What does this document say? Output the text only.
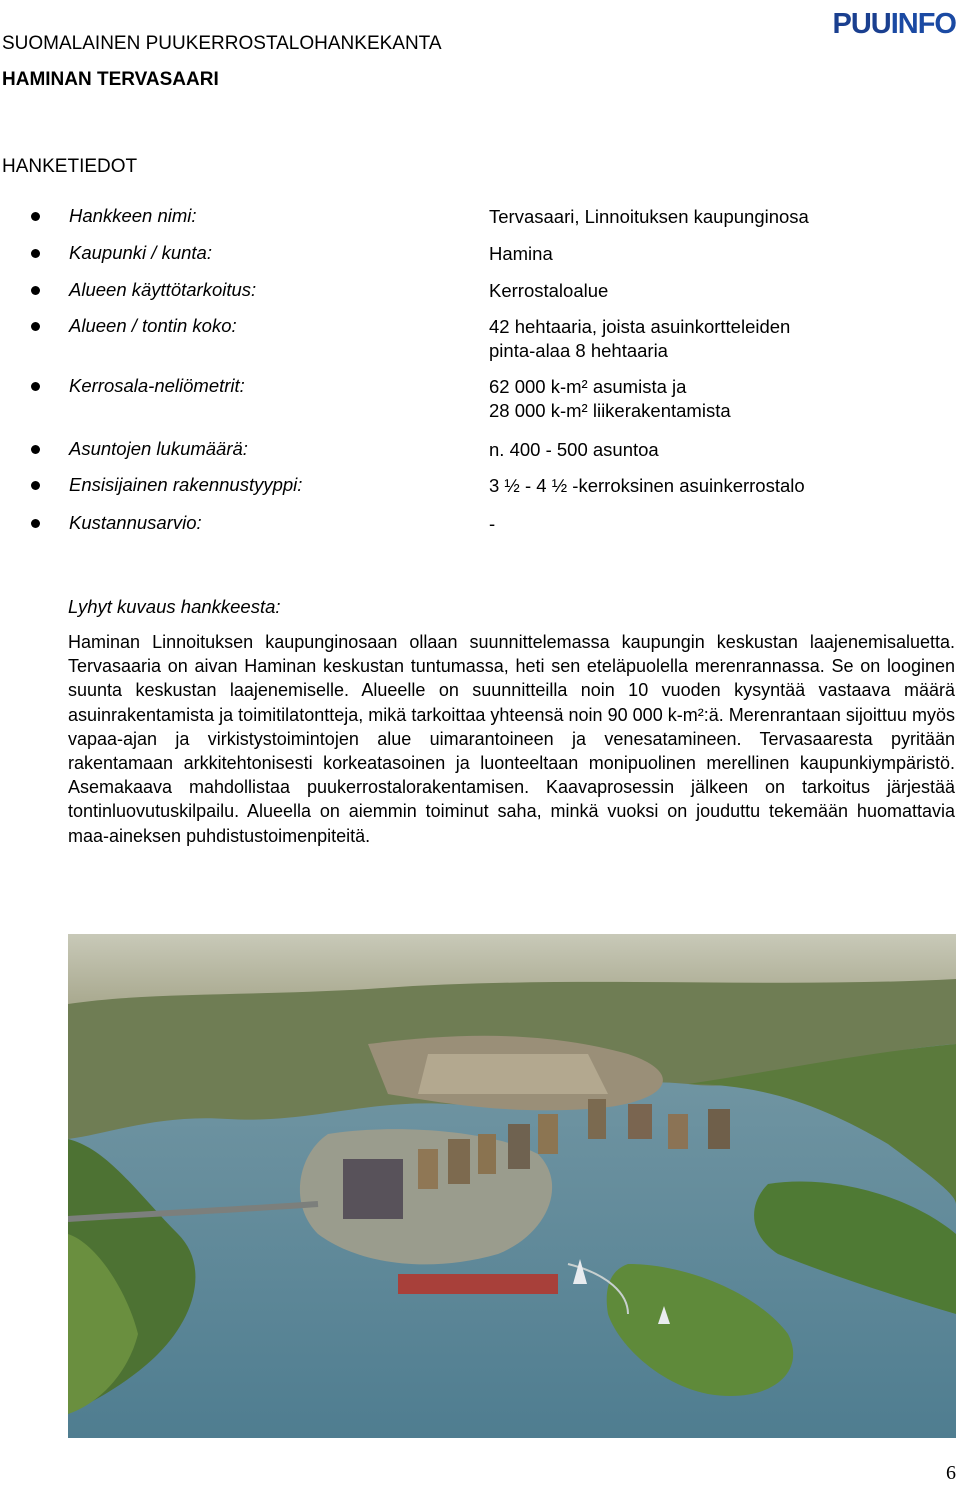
SUOMALAINEN PUUKERROSTALOHANKEKANTA
HAMINAN TERVASAARI
PUUINFO
HANKETIEDOT
Hankkeen nimi:	Tervasaari, Linnoituksen kaupunginosa
Kaupunki / kunta:	Hamina
Alueen käyttötarkoitus:	Kerrostaloalue
Alueen / tontin koko:	42 hehtaaria, joista asuinkortteleiden
pinta-alaa 8 hehtaaria
Kerrosala-neliömetrit:	62 000 k-m² asumista ja
28 000 k-m² liikerakentamista
Asuntojen lukumäärä:	n. 400 - 500 asuntoa
Ensisijainen rakennustyyppi:	3 ½ - 4 ½ -kerroksinen asuinkerrostalo
Kustannusarvio:	-
Lyhyt kuvaus hankkeesta:
Haminan Linnoituksen kaupunginosaan ollaan suunnittelemassa kaupungin keskustan laajenemisaluetta. Tervasaaria on aivan Haminan keskustan tuntumassa, heti sen eteläpuolella merenrannassa. Se on looginen suunta keskustan laajenemiselle. Alueelle on suunnitteilla noin 10 vuoden kysyntää vastaava määrä asuinrakentamista ja toimitilatontteja, mikä tarkoittaa yhteensä noin 90 000 k-m²:ä. Merenrantaan sijoittuu myös vapaa-ajan ja virkistystoimintojen alue uimarantoineen ja venesatamineen. Tervasaaresta pyritään rakentamaan arkkitehtonisesti korkeatasoinen ja luonteeltaan monipuolinen merellinen kaupunkiympäristö. Asemakaava mahdollistaa puukerrostalorakentamisen. Kaavaprosessin jälkeen on tarkoitus järjestää tontinluovutuskilpailu. Alueella on aiemmin toiminut saha, minkä vuoksi on jouduttu tekemään huomattavia maa-aineksen puhdistustoimenpiteitä.
6
